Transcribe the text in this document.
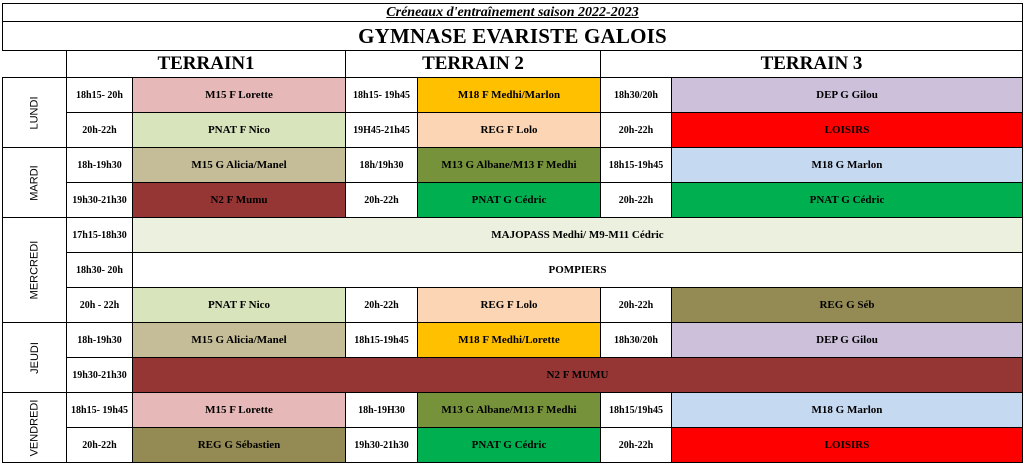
Créneaux d'entraînement saison 2022-2023						
GYMNASE EVARISTE GALOIS						
	TERRAIN1		TERRAIN 2		TERRAIN 3	
LUNDI	18h15- 20h	M15 F Lorette	18h15- 19h45	M18 F Medhi/Marlon	18h30/20h	DEP G Gilou
	20h-22h	PNAT F Nico	19H45-21h45	REG F Lolo	20h-22h	LOISIRS
MARDI	18h-19h30	M15 G Alicia/Manel	18h/19h30	M13 G Albane/M13 F Medhi	18h15-19h45	M18 G Marlon
	19h30-21h30	N2 F Mumu	20h-22h	PNAT G Cédric	20h-22h	PNAT G Cédric
MERCREDI	17h15-18h30	MAJOPASS Medhi/ M9-M11 Cédric				
	18h30- 20h	POMPIERS				
	20h - 22h	PNAT F Nico	20h-22h	REG F Lolo	20h-22h	REG G Séb
JEUDI	18h-19h30	M15 G Alicia/Manel	18h15-19h45	M18 F Medhi/Lorette	18h30/20h	DEP G Gilou
	19h30-21h30	N2 F MUMU				
VENDREDI	18h15- 19h45	M15 F Lorette	18h-19H30	M13 G Albane/M13 F Medhi	18h15/19h45	M18 G Marlon
	20h-22h	REG G Sébastien	19h30-21h30	PNAT G Cédric	20h-22h	LOISIRS
